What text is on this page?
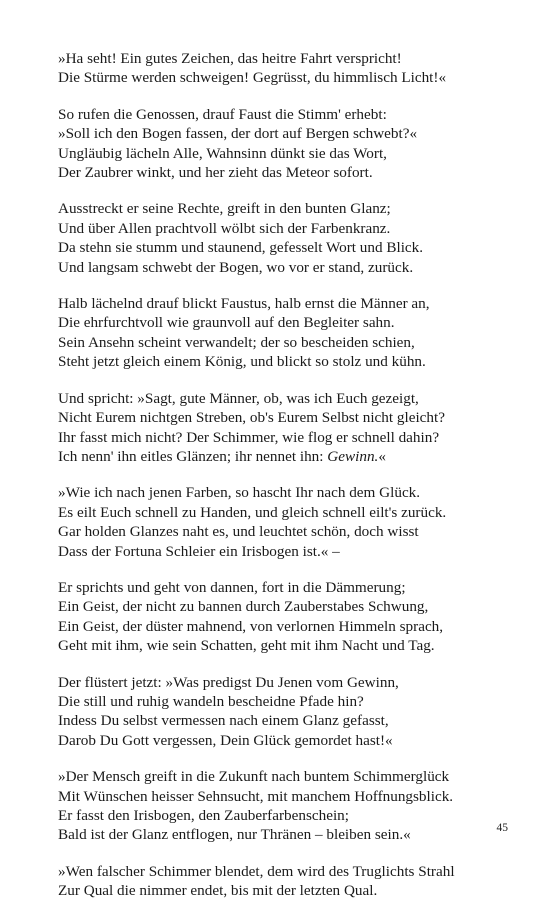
»Ha seht! Ein gutes Zeichen, das heitre Fahrt verspricht!
Die Stürme werden schweigen! Gegrüsst, du himmlisch Licht!«
So rufen die Genossen, drauf Faust die Stimm' erhebt:
»Soll ich den Bogen fassen, der dort auf Bergen schwebt?«
Ungläubig lächeln Alle, Wahnsinn dünkt sie das Wort,
Der Zaubrer winkt, und her zieht das Meteor sofort.
Ausstreckt er seine Rechte, greift in den bunten Glanz;
Und über Allen prachtvoll wölbt sich der Farbenkranz.
Da stehn sie stumm und staunend, gefesselt Wort und Blick.
Und langsam schwebt der Bogen, wo vor er stand, zurück.
Halb lächelnd drauf blickt Faustus, halb ernst die Männer an,
Die ehrfurchtvoll wie graunvoll auf den Begleiter sahn.
Sein Ansehn scheint verwandelt; der so bescheiden schien,
Steht jetzt gleich einem König, und blickt so stolz und kühn.
Und spricht: »Sagt, gute Männer, ob, was ich Euch gezeigt,
Nicht Eurem nichtgen Streben, ob's Eurem Selbst nicht gleicht?
Ihr fasst mich nicht? Der Schimmer, wie flog er schnell dahin?
Ich nenn' ihn eitles Glänzen; ihr nennet ihn: Gewinn.«
»Wie ich nach jenen Farben, so hascht Ihr nach dem Glück.
Es eilt Euch schnell zu Handen, und gleich schnell eilt's zurück.
Gar holden Glanzes naht es, und leuchtet schön, doch wisst
Dass der Fortuna Schleier ein Irisbogen ist.« –
Er sprichts und geht von dannen, fort in die Dämmerung;
Ein Geist, der nicht zu bannen durch Zauberstabes Schwung,
Ein Geist, der düster mahnend, von verlornen Himmeln sprach,
Geht mit ihm, wie sein Schatten, geht mit ihm Nacht und Tag.
Der flüstert jetzt: »Was predigst Du Jenen vom Gewinn,
Die still und ruhig wandeln bescheidne Pfade hin?
Indess Du selbst vermessen nach einem Glanz gefasst,
Darob Du Gott vergessen, Dein Glück gemordet hast!«
»Der Mensch greift in die Zukunft nach buntem Schimmerglück
Mit Wünschen heisser Sehnsucht, mit manchem Hoffnungsblick.
Er fasst den Irisbogen, den Zauberfarbenschein;
Bald ist der Glanz entflogen, nur Thränen – bleiben sein.«
»Wen falscher Schimmer blendet, dem wird des Truglichts Strahl
Zur Qual die nimmer endet, bis mit der letzten Qual.
45
